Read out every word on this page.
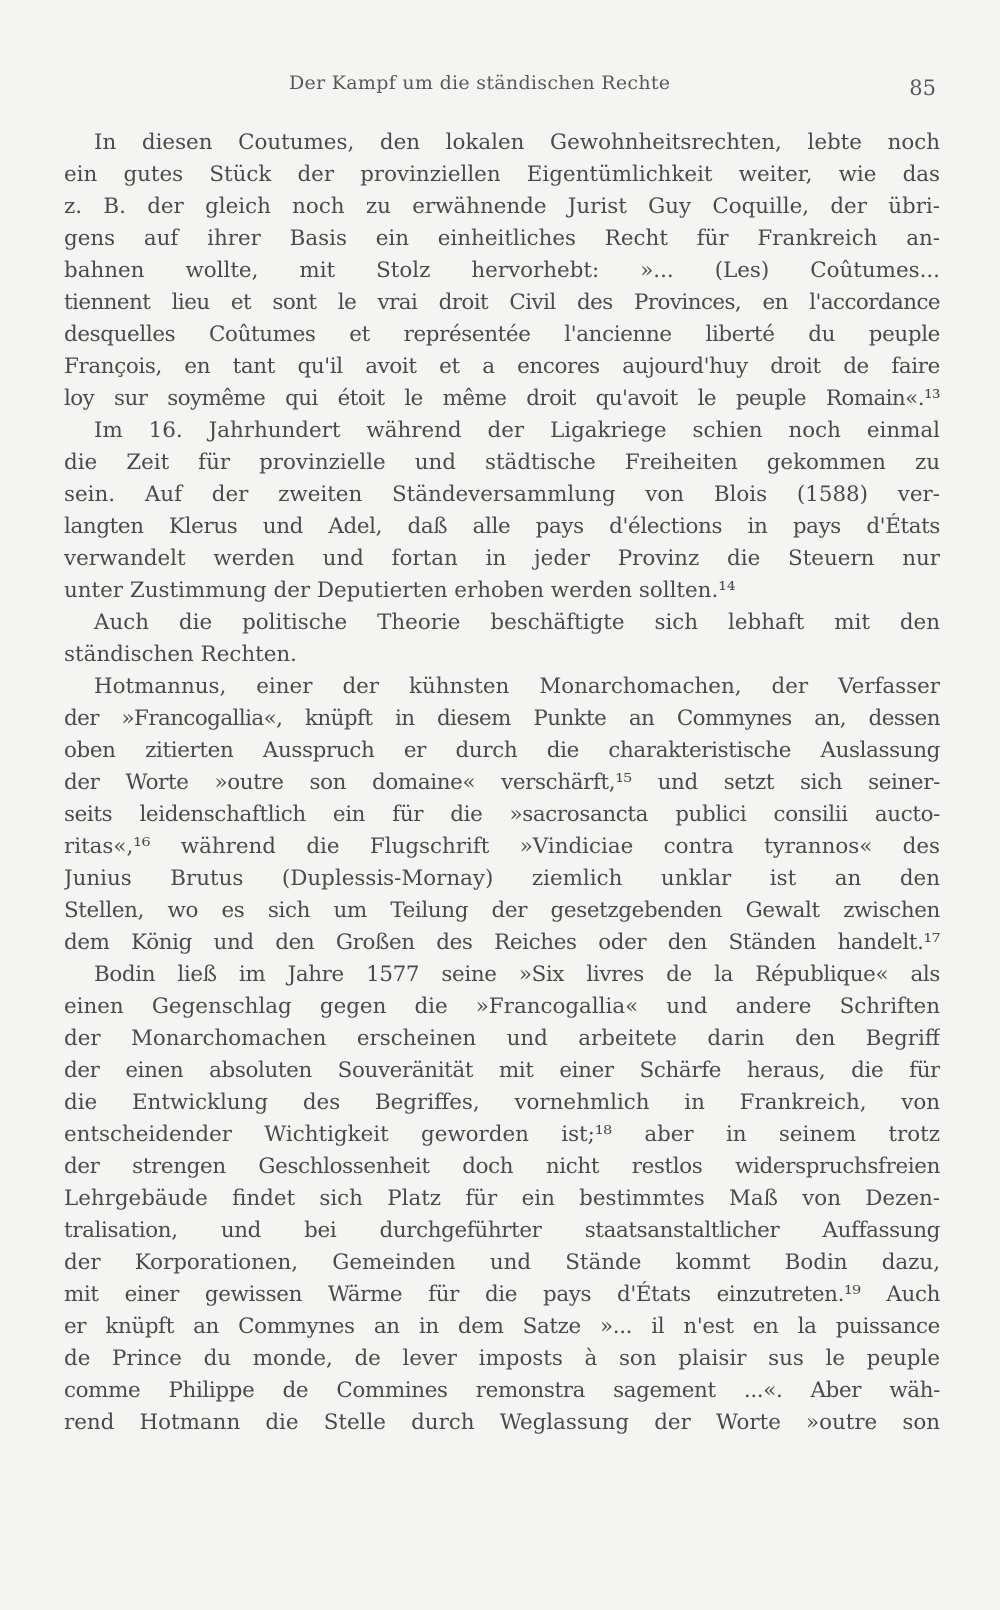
Der Kampf um die ständischen Rechte	85
In diesen Coutumes, den lokalen Gewohnheitsrechten, lebte noch
ein gutes Stück der provinziellen Eigentümlichkeit weiter, wie das
z. B. der gleich noch zu erwähnende Jurist Guy Coquille, der übri-
gens auf ihrer Basis ein einheitliches Recht für Frankreich an-
bahnen wollte, mit Stolz hervorhebt: »... (Les) Coûtumes...
tiennent lieu et sont le vrai droit Civil des Provinces, en l'accordance
desquelles Coûtumes et représentée l'ancienne liberté du peuple
François, en tant qu'il avoit et a encores aujourd'huy droit de faire
loy sur soymême qui étoit le même droit qu'avoit le peuple Romain«.¹³
Im 16. Jahrhundert während der Ligakriege schien noch einmal
die Zeit für provinzielle und städtische Freiheiten gekommen zu
sein. Auf der zweiten Ständeversammlung von Blois (1588) ver-
langten Klerus und Adel, daß alle pays d'élections in pays d'États
verwandelt werden und fortan in jeder Provinz die Steuern nur
unter Zustimmung der Deputierten erhoben werden sollten.¹⁴
Auch die politische Theorie beschäftigte sich lebhaft mit den
ständischen Rechten.
Hotmannus, einer der kühnsten Monarchomachen, der Verfasser
der »Francogallia«, knüpft in diesem Punkte an Commynes an, dessen
oben zitierten Ausspruch er durch die charakteristische Auslassung
der Worte »outre son domaine« verschärft,¹⁵ und setzt sich seiner-
seits leidenschaftlich ein für die »sacrosancta publici consilii aucto-
ritas«,¹⁶ während die Flugschrift »Vindiciae contra tyrannos« des
Junius Brutus (Duplessis-Mornay) ziemlich unklar ist an den
Stellen, wo es sich um Teilung der gesetzgebenden Gewalt zwischen
dem König und den Großen des Reiches oder den Ständen handelt.¹⁷
Bodin ließ im Jahre 1577 seine »Six livres de la République« als
einen Gegenschlag gegen die »Francogallia« und andere Schriften
der Monarchomachen erscheinen und arbeitete darin den Begriff
der einen absoluten Souveränität mit einer Schärfe heraus, die für
die Entwicklung des Begriffes, vornehmlich in Frankreich, von
entscheidender Wichtigkeit geworden ist;¹⁸ aber in seinem trotz
der strengen Geschlossenheit doch nicht restlos widerspruchsfreien
Lehrgebäude findet sich Platz für ein bestimmtes Maß von Dezen-
tralisation, und bei durchgeführter staatsanstaltlicher Auffassung
der Korporationen, Gemeinden und Stände kommt Bodin dazu,
mit einer gewissen Wärme für die pays d'États einzutreten.¹⁹ Auch
er knüpft an Commynes an in dem Satze »... il n'est en la puissance
de Prince du monde, de lever imposts à son plaisir sus le peuple
comme Philippe de Commines remonstra sagement ...«. Aber wäh-
rend Hotmann die Stelle durch Weglassung der Worte »outre son
